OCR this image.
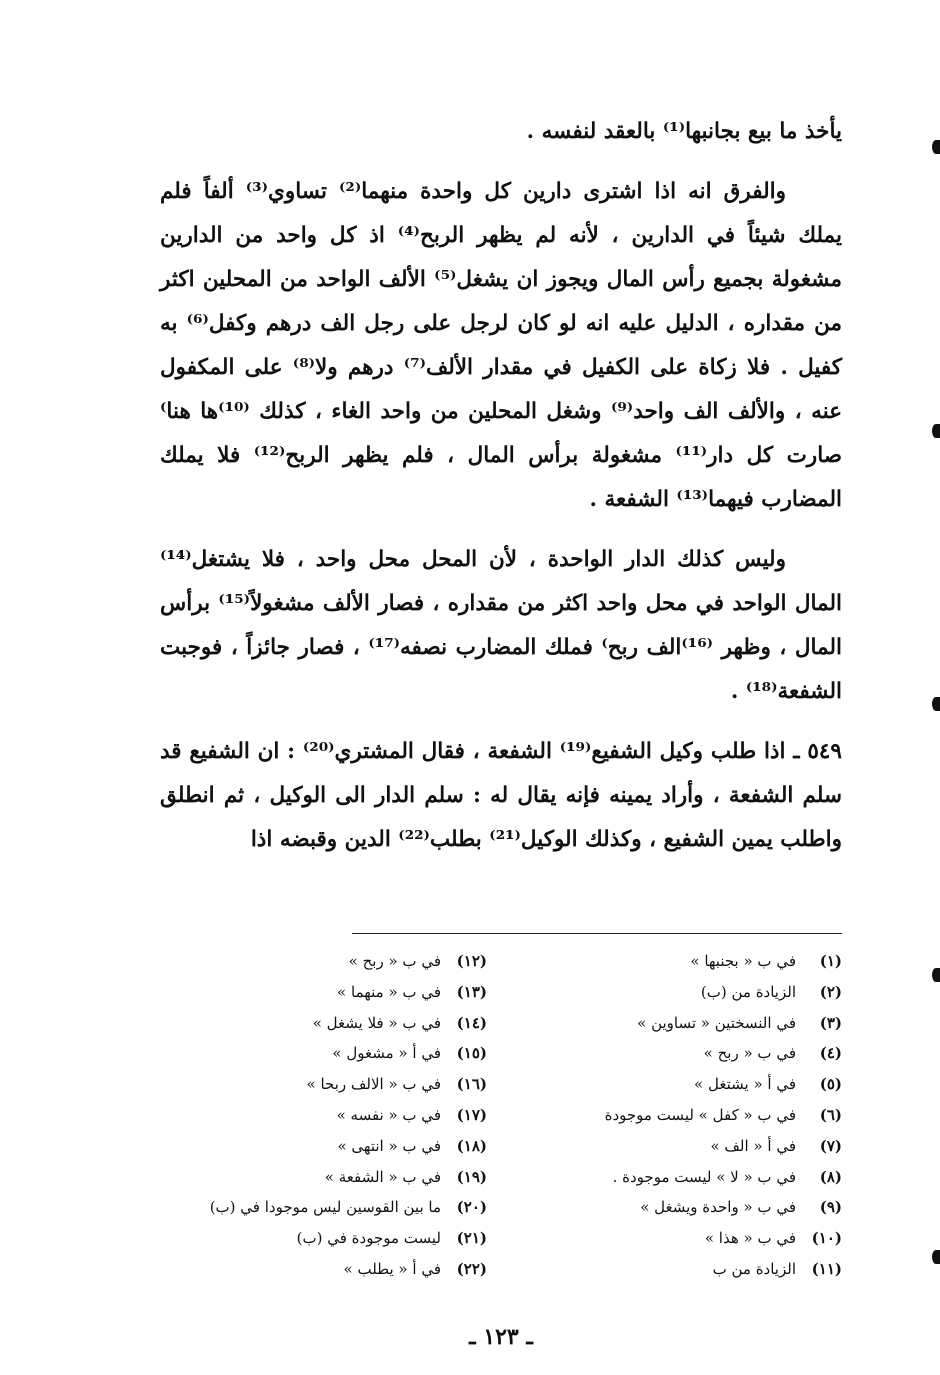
يأخذ ما بيع بجانبها⁽¹⁾ بالعقد لنفسه .

والفرق انه اذا اشترى دارين كل واحدة منهما⁽²⁾ تساوي⁽³⁾ ألفاً فلم يملك شيئاً في الدارين ، لأنه لم يظهر الربح⁽⁴⁾ اذ كل واحد من الدارين مشغولة بجميع رأس المال ويجوز ان يشغل⁽⁵⁾ الألف الواحد من المحلين اكثر من مقداره ، الدليل عليه انه لو كان لرجل على رجل الف درهم وكفل⁽⁶⁾ به كفيل . فلا زكاة على الكفيل في مقدار الألف⁽⁷⁾ درهم ولا⁽⁸⁾ على المكفول عنه ، والألف الف واحد⁽⁹⁾ وشغل المحلين من واحد الغاء ، كذلك ⁽¹⁰⁾ها هنا⁾ صارت كل دار⁽¹¹⁾ مشغولة برأس المال ، فلم يظهر الربح⁽¹²⁾ فلا يملك المضارب فيهما⁽¹³⁾ الشفعة .

وليس كذلك الدار الواحدة ، لأن المحل محل واحد ، فلا يشتغل⁽¹⁴⁾ المال الواحد في محل واحد اكثر من مقداره ، فصار الألف مشغولاً⁽¹⁵⁾ برأس المال ، وظهر ⁽¹⁶⁾الف ربح⁾ فملك المضارب نصفه⁽¹⁷⁾ ، فصار جائزاً ، فوجبت الشفعة⁽¹⁸⁾ .

٥٤٩ ـ اذا طلب وكيل الشفيع⁽¹⁹⁾ الشفعة ، فقال المشتري⁽²⁰⁾ : ان الشفيع قد سلم الشفعة ، وأراد يمينه فإنه يقال له : سلم الدار الى الوكيل ، ثم انطلق واطلب يمين الشفيع ، وكذلك الوكيل⁽²¹⁾ بطلب⁽²²⁾ الدين وقبضه اذا

(١)في ب « بجنبها »
(٢)الزيادة من (ب)
(٣)في النسختين « تساوين »
(٤)في ب « ربح »
(٥)في أ « يشتغل »
(٦)في ب « كفل » ليست موجودة
(٧)في أ « الف »
(٨)في ب « لا » ليست موجودة .
(٩)في ب « واحدة ويشغل »
(١٠)في ب « هذا »
(١١)الزيادة من ب
(١٢)في ب « ربح »
(١٣)في ب « منهما »
(١٤)في ب « فلا يشغل »
(١٥)في أ « مشغول »
(١٦)في ب « الالف ربحا »
(١٧)في ب « نفسه »
(١٨)في ب « انتهى »
(١٩)في ب « الشفعة »
(٢٠)ما بين القوسين ليس موجودا في (ب)
(٢١)ليست موجودة في (ب)
(٢٢)في أ « يطلب »
ـ ١٢٣ ـ
